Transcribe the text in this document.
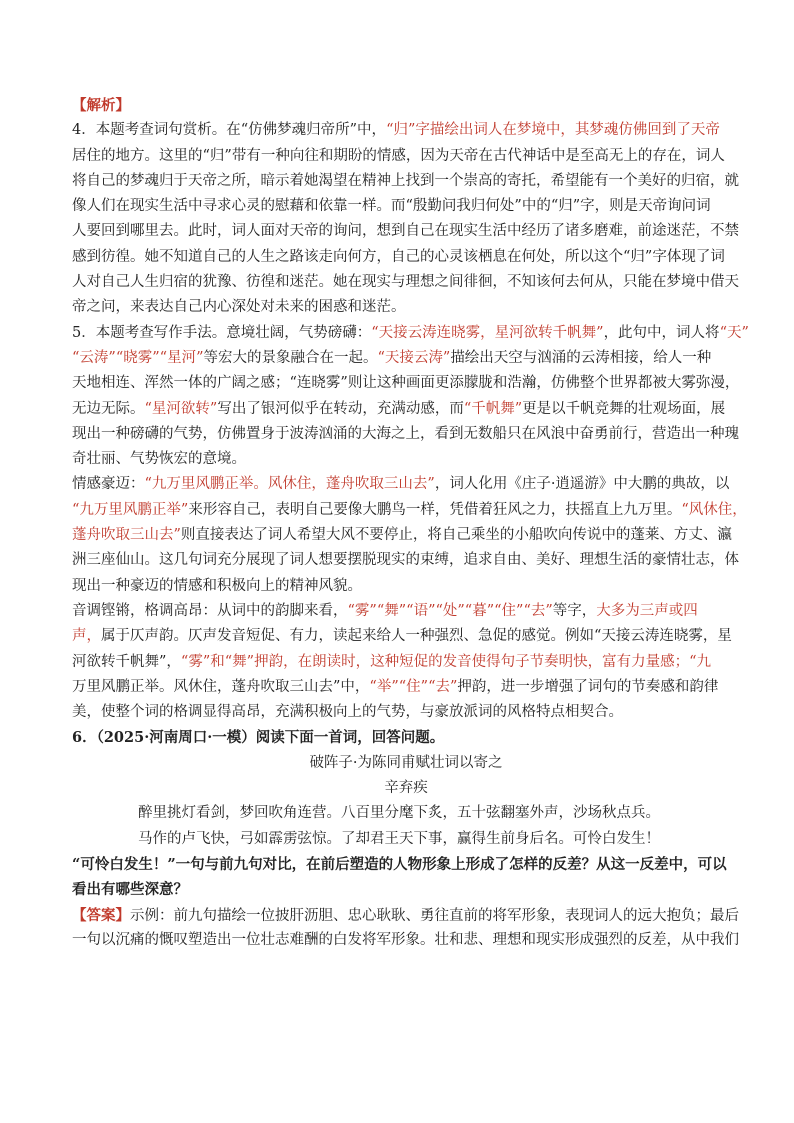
【解析】
4．本题考查词句赏析。在“仿佛梦魂归帝所”中，“归”字描绘出词人在梦境中，其梦魂仿佛回到了天帝
居住的地方。这里的“归”带有一种向往和期盼的情感，因为天帝在古代神话中是至高无上的存在，词人
将自己的梦魂归于天帝之所，暗示着她渴望在精神上找到一个崇高的寄托，希望能有一个美好的归宿，就
像人们在现实生活中寻求心灵的慰藉和依靠一样。而“殷勤问我归何处”中的“归”字，则是天帝询问词
人要回到哪里去。此时，词人面对天帝的询问，想到自己在现实生活中经历了诸多磨难，前途迷茫，不禁
感到彷徨。她不知道自己的人生之路该走向何方，自己的心灵该栖息在何处，所以这个“归”字体现了词
人对自己人生归宿的犹豫、彷徨和迷茫。她在现实与理想之间徘徊，不知该何去何从，只能在梦境中借天
帝之问，来表达自己内心深处对未来的困惑和迷茫。
5．本题考查写作手法。意境壮阔，气势磅礴：“天接云涛连晓雾，星河欲转千帆舞”，此句中，词人将“天”
“云涛”“晓雾”“星河”等宏大的景象融合在一起。“天接云涛”描绘出天空与汹涌的云涛相接，给人一种
天地相连、浑然一体的广阔之感；“连晓雾”则让这种画面更添朦胧和浩瀚，仿佛整个世界都被大雾弥漫，
无边无际。“星河欲转”写出了银河似乎在转动，充满动感，而“千帆舞”更是以千帆竞舞的壮观场面，展
现出一种磅礴的气势，仿佛置身于波涛汹涌的大海之上，看到无数船只在风浪中奋勇前行，营造出一种瑰
奇壮丽、气势恢宏的意境。
情感豪迈：“九万里风鹏正举。风休住，蓬舟吹取三山去”，词人化用《庄子·逍遥游》中大鹏的典故，以
“九万里风鹏正举”来形容自己，表明自己要像大鹏鸟一样，凭借着狂风之力，扶摇直上九万里。“风休住，
蓬舟吹取三山去”则直接表达了词人希望大风不要停止，将自己乘坐的小船吹向传说中的蓬莱、方丈、瀛
洲三座仙山。这几句词充分展现了词人想要摆脱现实的束缚，追求自由、美好、理想生活的豪情壮志，体
现出一种豪迈的情感和积极向上的精神风貌。
音调铿锵，格调高昂：从词中的韵脚来看，“雾”“舞”“语”“处”“暮”“住”“去”等字，大多为三声或四
声，属于仄声韵。仄声发音短促、有力，读起来给人一种强烈、急促的感觉。例如“天接云涛连晓雾，星
河欲转千帆舞”，“雾”和“舞”押韵，在朗读时，这种短促的发音使得句子节奏明快，富有力量感；“九
万里风鹏正举。风休住，蓬舟吹取三山去”中，“举”“住”“去”押韵，进一步增强了词句的节奏感和韵律
美，使整个词的格调显得高昂，充满积极向上的气势，与豪放派词的风格特点相契合。
6．（2025·河南周口·一模）阅读下面一首词，回答问题。
破阵子·为陈同甫赋壮词以寄之
辛弃疾
醉里挑灯看剑，梦回吹角连营。八百里分麾下炙，五十弦翻塞外声，沙场秋点兵。
马作的卢飞快，弓如霹雳弦惊。了却君王天下事，赢得生前身后名。可怜白发生！
“可怜白发生！”一句与前九句对比，在前后塑造的人物形象上形成了怎样的反差？从这一反差中，可以
看出有哪些深意？
【答案】示例：前九句描绘一位披肝沥胆、忠心耿耿、勇往直前的将军形象，表现词人的远大抱负；最后
一句以沉痛的慨叹塑造出一位壮志难酬的白发将军形象。壮和悲、理想和现实形成强烈的反差，从中我们
